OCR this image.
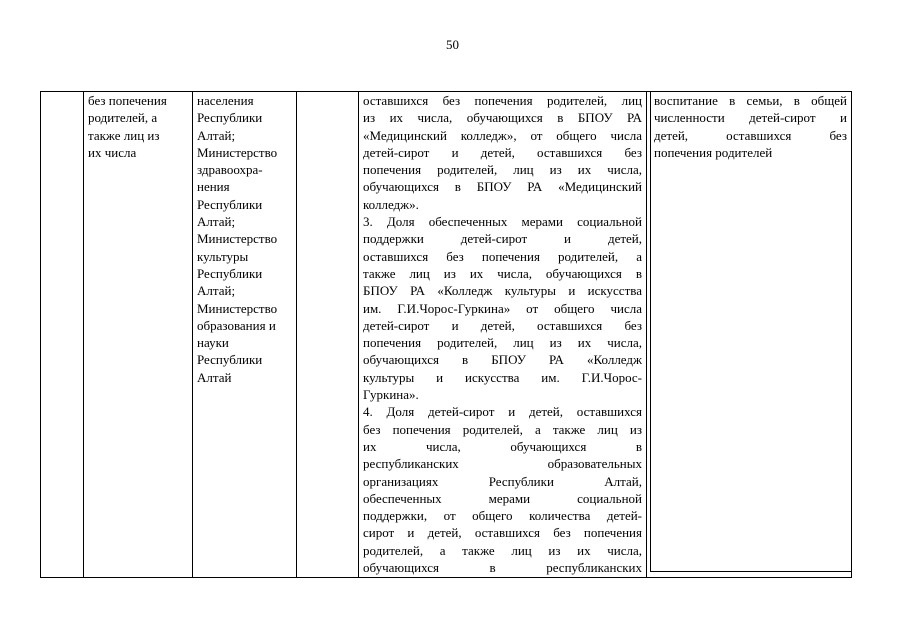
50
без попечения
родителей, а
также лиц из
их числа
населения
Республики
Алтай;
Министерство
здравоохра-
нения
Республики
Алтай;
Министерство
культуры
Республики
Алтай;
Министерство
образования и
науки
Республики
Алтай
оставшихся без попечения родителей, лиц
из их числа, обучающихся в БПОУ РА
«Медицинский колледж», от общего числа
детей-сирот и детей, оставшихся без
попечения родителей, лиц из их числа,
обучающихся в БПОУ РА «Медицинский
колледж».
3. Доля обеспеченных мерами социальной
поддержки детей-сирот и детей,
оставшихся без попечения родителей, а
также лиц из их числа, обучающихся в
БПОУ РА «Колледж культуры и искусства
им. Г.И.Чорос-Гуркина» от общего числа
детей-сирот и детей, оставшихся без
попечения родителей, лиц из их числа,
обучающихся в БПОУ РА «Колледж
культуры и искусства им. Г.И.Чорос-
Гуркина».
4. Доля детей-сирот и детей, оставшихся
без попечения родителей, а также лиц из
их числа, обучающихся в
республиканских образовательных
организациях Республики Алтай,
обеспеченных мерами социальной
поддержки, от общего количества детей-
сирот и детей, оставшихся без попечения
родителей, а также лиц из их числа,
обучающихся в республиканских
воспитание в семьи, в общей
численности детей-сирот и
детей, оставшихся без
попечения родителей
